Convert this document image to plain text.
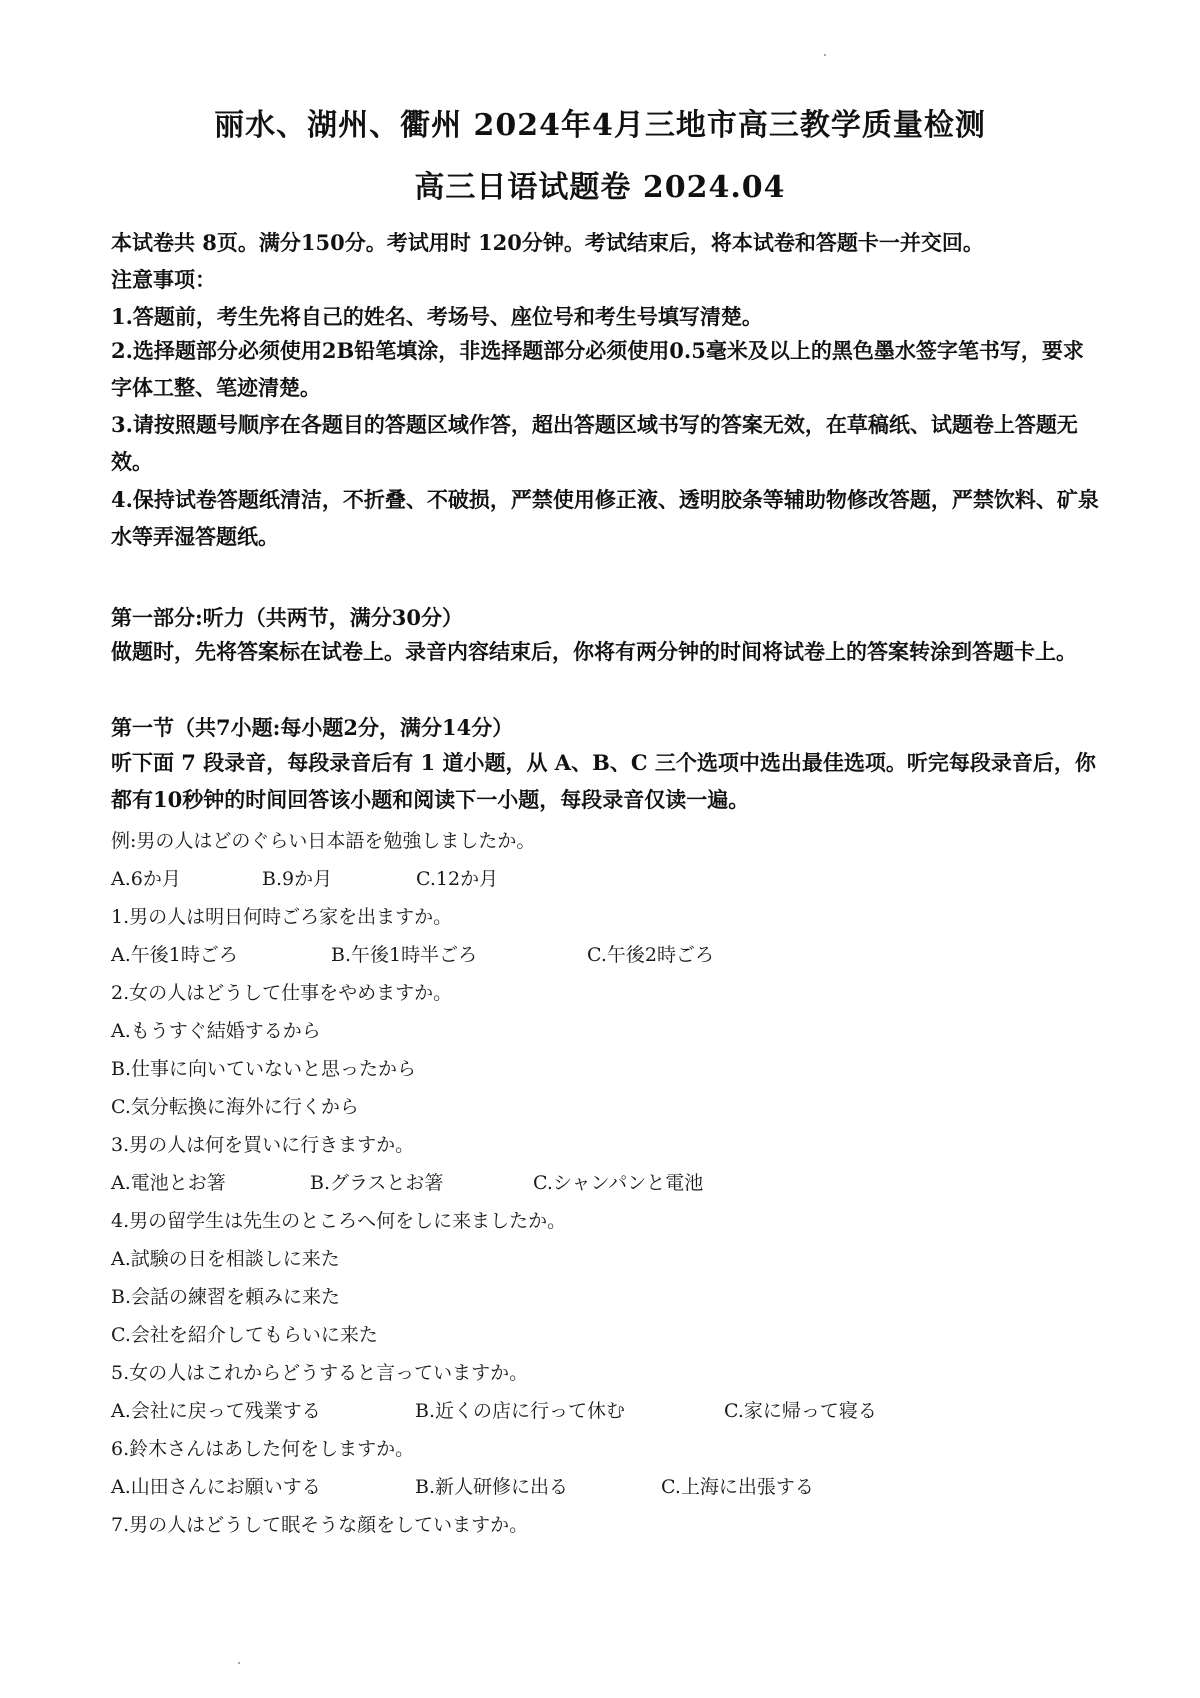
丽水、湖州、衢州 2024年4月三地市高三教学质量检测
高三日语试题卷 2024.04
本试卷共 8页。满分150分。考试用时 120分钟。考试结束后，将本试卷和答题卡一并交回。
注意事项：
1.答题前，考生先将自己的姓名、考场号、座位号和考生号填写清楚。
2.选择题部分必须使用2B铅笔填涂，非选择题部分必须使用0.5毫米及以上的黑色墨水签字笔书写，要求字体工整、笔迹清楚。
3.请按照题号顺序在各题目的答题区域作答，超出答题区域书写的答案无效，在草稿纸、试题卷上答题无效。
4.保持试卷答题纸清洁，不折叠、不破损，严禁使用修正液、透明胶条等辅助物修改答题，严禁饮料、矿泉水等弄湿答题纸。
第一部分:听力（共两节，满分30分）
做题时，先将答案标在试卷上。录音内容结束后，你将有两分钟的时间将试卷上的答案转涂到答题卡上。
第一节（共7小题:每小题2分，满分14分）
听下面 7 段录音，每段录音后有 1 道小题，从 A、B、C 三个选项中选出最佳选项。听完每段录音后，你都有10秒钟的时间回答该小题和阅读下一小题，每段录音仅读一遍。
例:男の人はどのぐらい日本語を勉強しましたか。
A.6か月	B.9か月	C.12か月
1.男の人は明日何時ごろ家を出ますか。
A.午後1時ごろ	B.午後1時半ごろ	C.午後2時ごろ
2.女の人はどうして仕事をやめますか。
A.もうすぐ結婚するから
B.仕事に向いていないと思ったから
C.気分転換に海外に行くから
3.男の人は何を買いに行きますか。
A.電池とお箸	B.グラスとお箸	C.シャンパンと電池
4.男の留学生は先生のところへ何をしに来ましたか。
A.試験の日を相談しに来た
B.会話の練習を頼みに来た
C.会社を紹介してもらいに来た
5.女の人はこれからどうすると言っていますか。
A.会社に戻って残業する	B.近くの店に行って休む	C.家に帰って寝る
6.鈴木さんはあした何をしますか。
A.山田さんにお願いする	B.新人研修に出る	C.上海に出張する
7.男の人はどうして眠そうな顔をしていますか。
